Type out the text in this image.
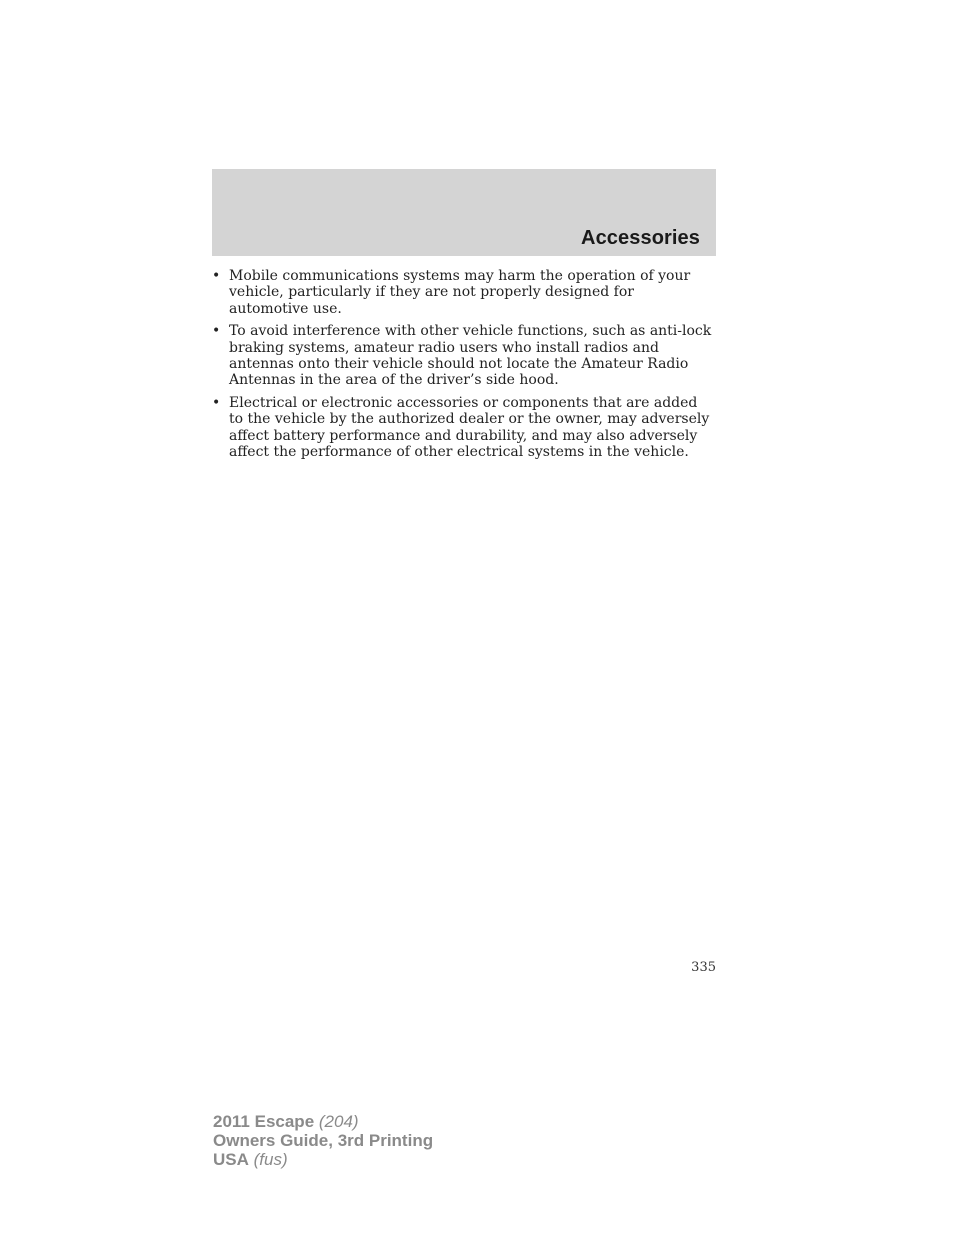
Accessories
• Mobile communications systems may harm the operation of your vehicle, particularly if they are not properly designed for automotive use.
• To avoid interference with other vehicle functions, such as anti-lock braking systems, amateur radio users who install radios and antennas onto their vehicle should not locate the Amateur Radio Antennas in the area of the driver’s side hood.
• Electrical or electronic accessories or components that are added to the vehicle by the authorized dealer or the owner, may adversely affect battery performance and durability, and may also adversely affect the performance of other electrical systems in the vehicle.
335
2011 Escape (204)
Owners Guide, 3rd Printing
USA (fus)
